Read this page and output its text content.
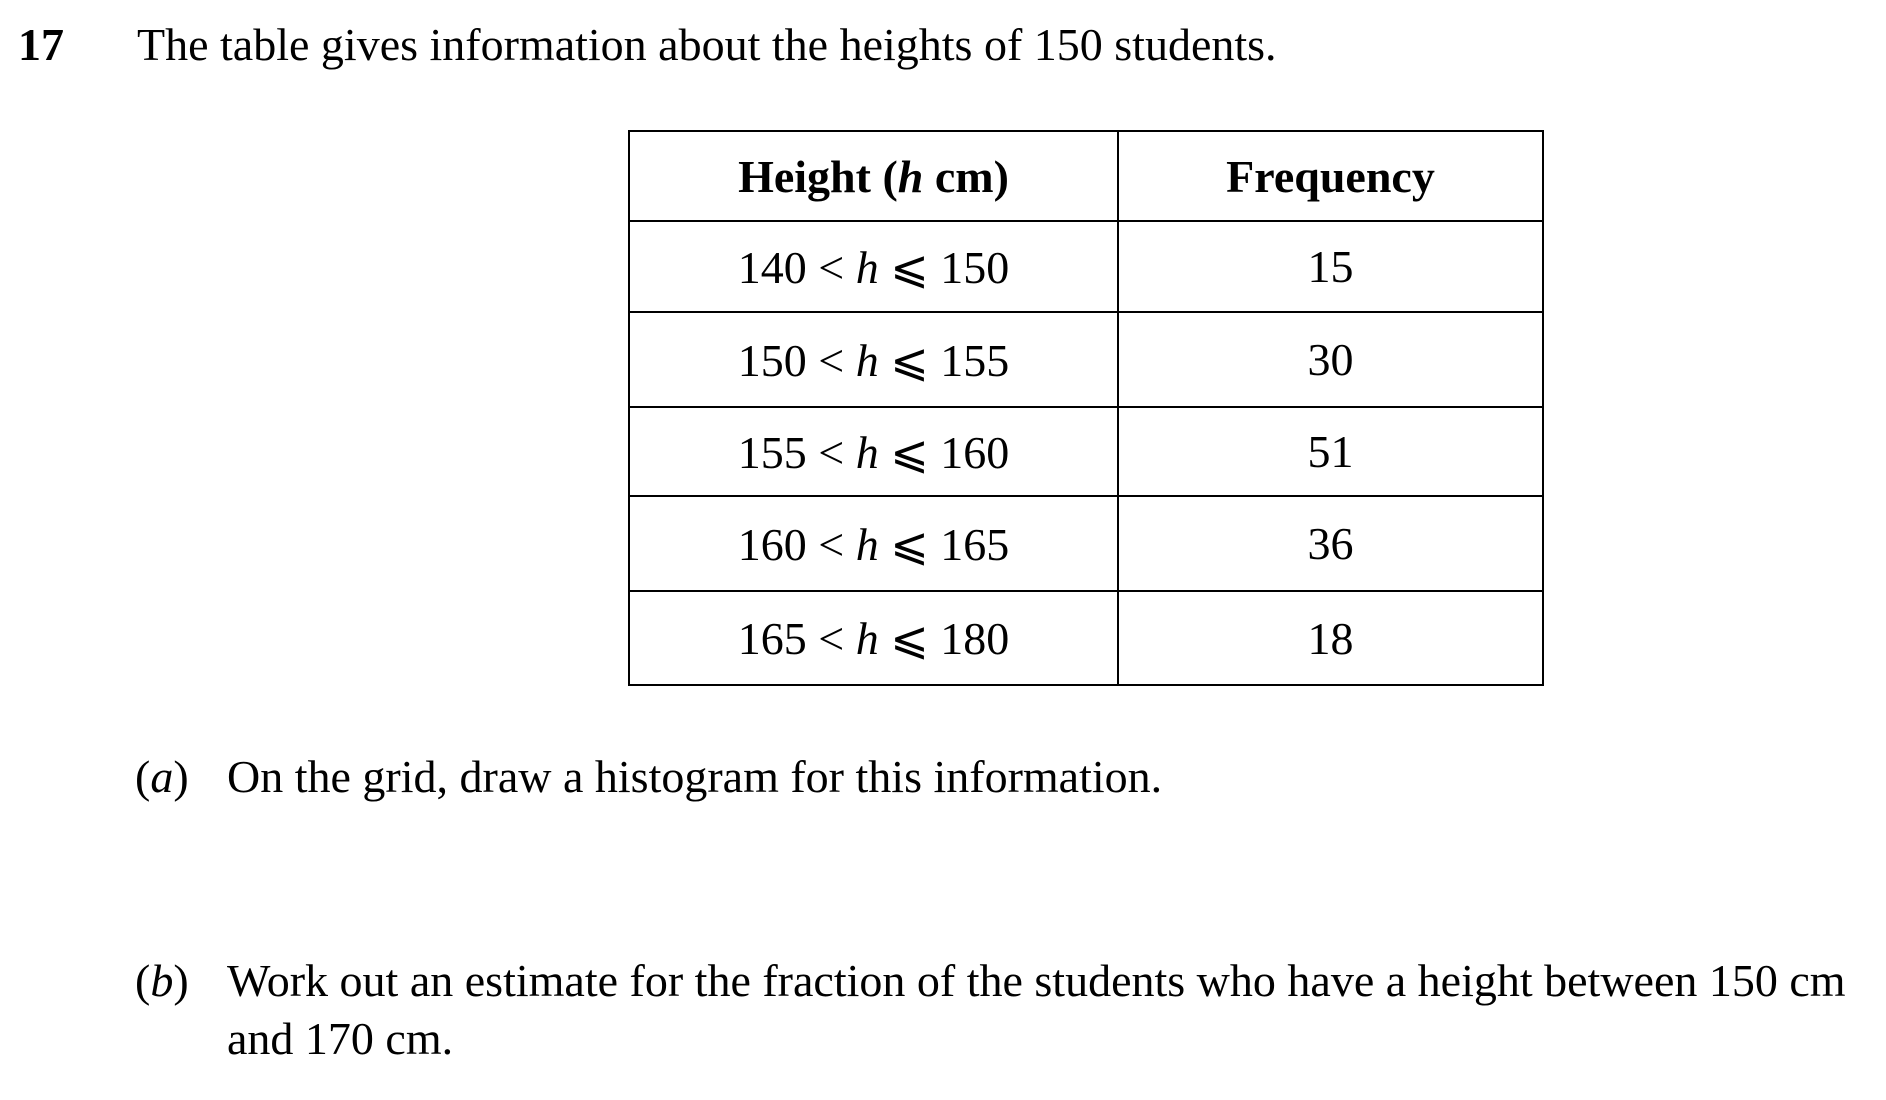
17 The table gives information about the heights of 150 students.
Height (h cm)	Frequency
140 < h ⩽ 150	15
150 < h ⩽ 155	30
155 < h ⩽ 160	51
160 < h ⩽ 165	36
165 < h ⩽ 180	18
(a) On the grid, draw a histogram for this information.
(b) Work out an estimate for the fraction of the students who have a height between 150 cm and 170 cm.
